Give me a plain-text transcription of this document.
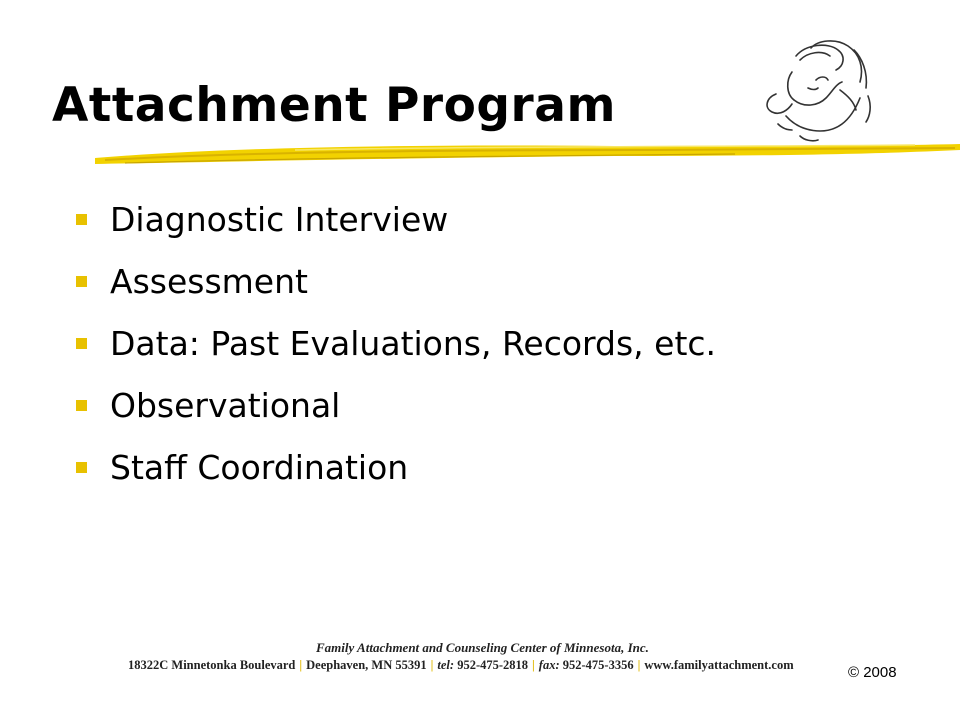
Attachment Program
Diagnostic Interview
Assessment
Data: Past Evaluations, Records, etc.
Observational
Staff Coordination
Family Attachment and Counseling Center of Minnesota, Inc.
18322C Minnetonka Boulevard | Deephaven, MN 55391 | tel: 952-475-2818 | fax: 952-475-3356 | www.familyattachment.com	© 2008
